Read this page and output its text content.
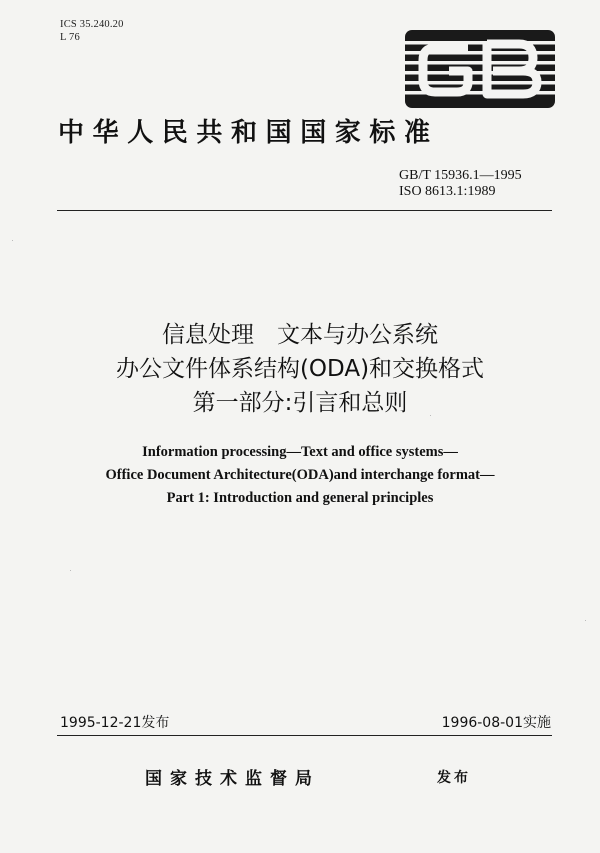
ICS 35.240.20
L 76
中华人民共和国国家标准
GB/T 15936.1—1995
ISO 8613.1:1989
信息处理　文本与办公系统
办公文件体系结构(ODA)和交换格式
第一部分:引言和总则
Information processing—Text and office systems—
Office Document Architecture(ODA)and interchange format—
Part 1: Introduction and general principles
1995-12-21发布	1996-08-01实施
国家技术监督局	发布
